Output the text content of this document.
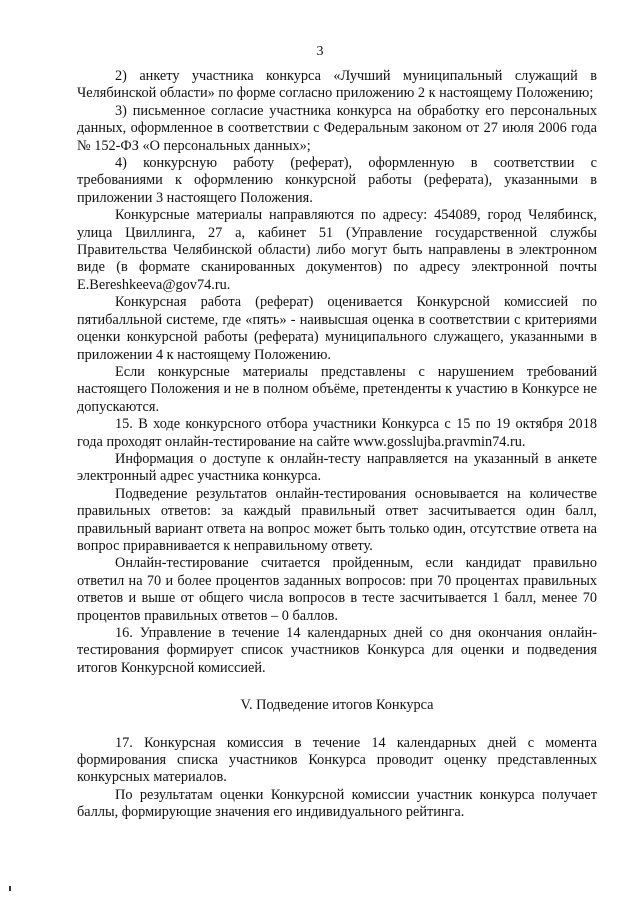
3

2) анкету участника конкурса «Лучший муниципальный служащий в Челябинской области» по форме согласно приложению 2 к настоящему Положению;

3) письменное согласие участника конкурса на обработку его персональных данных, оформленное в соответствии с Федеральным законом от 27 июля 2006 года № 152-ФЗ «О персональных данных»;

4) конкурсную работу (реферат), оформленную в соответствии с требованиями к оформлению конкурсной работы (реферата), указанными в приложении 3 настоящего Положения.

Конкурсные материалы направляются по адресу: 454089, город Челябинск, улица Цвиллинга, 27 а, кабинет 51 (Управление государственной службы Правительства Челябинской области) либо могут быть направлены в электронном виде (в формате сканированных документов) по адресу электронной почты E.Bereshkeeva@gov74.ru.

Конкурсная работа (реферат) оценивается Конкурсной комиссией по пятибалльной системе, где «пять» - наивысшая оценка в соответствии с критериями оценки конкурсной работы (реферата) муниципального служащего, указанными в приложении 4 к настоящему Положению.

Если конкурсные материалы представлены с нарушением требований настоящего Положения и не в полном объёме, претенденты к участию в Конкурсе не допускаются.

15. В ходе конкурсного отбора участники Конкурса с 15 по 19 октября 2018 года проходят онлайн-тестирование на сайте www.gosslujba.pravmin74.ru.

Информация о доступе к онлайн-тесту направляется на указанный в анкете электронный адрес участника конкурса.

Подведение результатов онлайн-тестирования основывается на количестве правильных ответов: за каждый правильный ответ засчитывается один балл, правильный вариант ответа на вопрос может быть только один, отсутствие ответа на вопрос приравнивается к неправильному ответу.

Онлайн-тестирование считается пройденным, если кандидат правильно ответил на 70 и более процентов заданных вопросов: при 70 процентах правильных ответов и выше от общего числа вопросов в тесте засчитывается 1 балл, менее 70 процентов правильных ответов – 0 баллов.

16. Управление в течение 14 календарных дней со дня окончания онлайн-тестирования формирует список участников Конкурса для оценки и подведения итогов Конкурсной комиссией.

V. Подведение итогов Конкурса

17. Конкурсная комиссия в течение 14 календарных дней с момента формирования списка участников Конкурса проводит оценку представленных конкурсных материалов.

По результатам оценки Конкурсной комиссии участник конкурса получает баллы, формирующие значения его индивидуального рейтинга.
